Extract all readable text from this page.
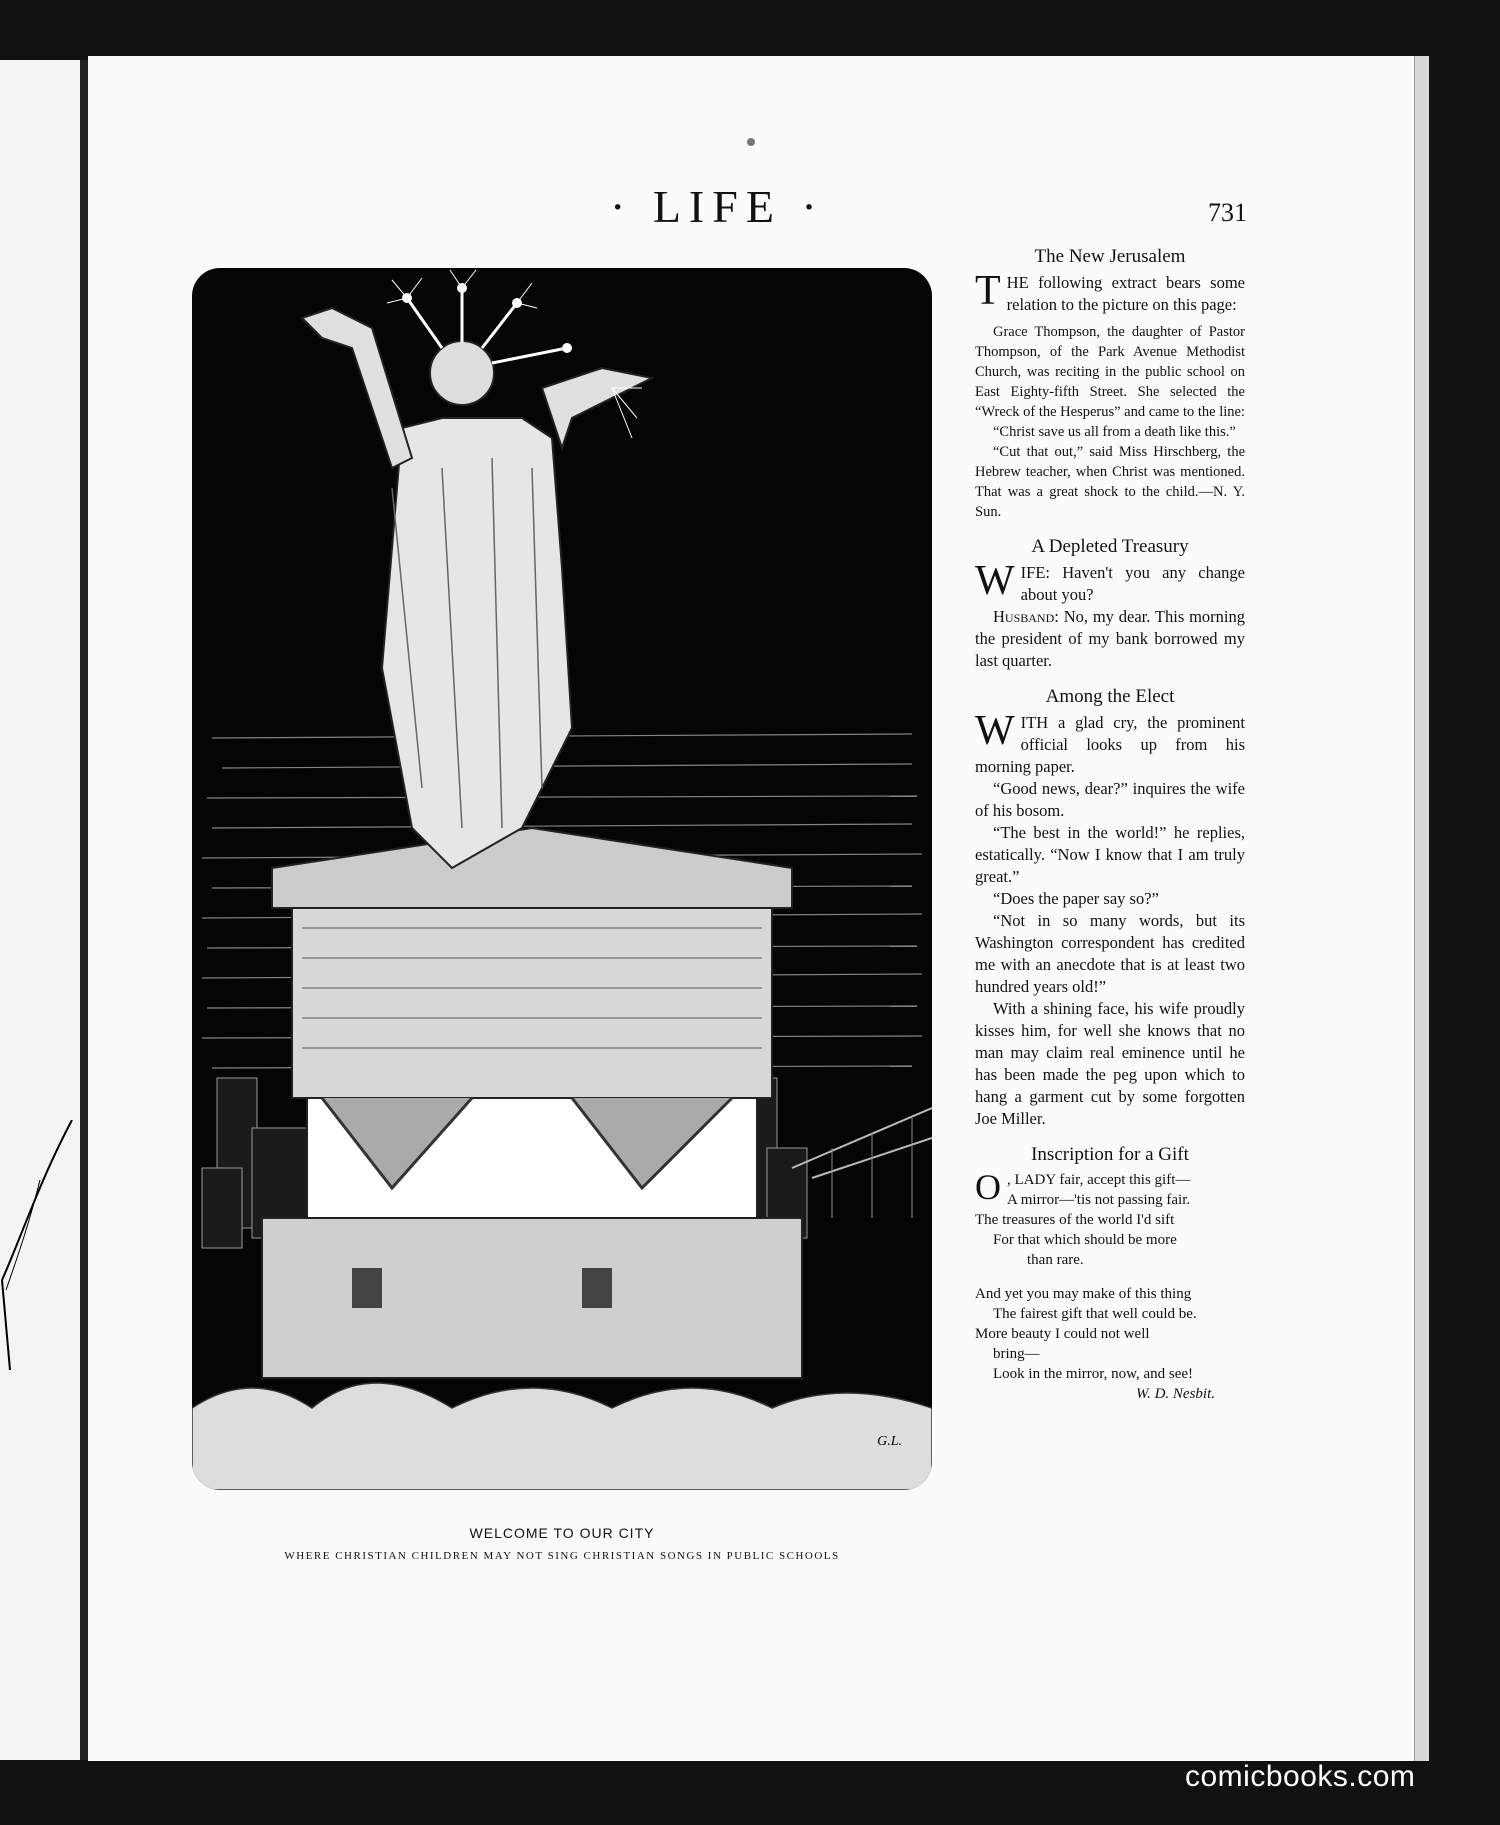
· LIFE ·	731
G.L.
WELCOME TO OUR CITY
WHERE CHRISTIAN CHILDREN MAY NOT SING CHRISTIAN SONGS IN PUBLIC SCHOOLS
The New Jerusalem

THE following extract bears some relation to the picture on this page:

Grace Thompson, the daughter of Pastor Thompson, of the Park Avenue Methodist Church, was reciting in the public school on East Eighty-fifth Street. She selected the “Wreck of the Hesperus” and came to the line:

“Christ save us all from a death like this.”

“Cut that out,” said Miss Hirschberg, the Hebrew teacher, when Christ was mentioned. That was a great shock to the child.—N. Y. Sun.

A Depleted Treasury

WIFE: Haven't you any change about you?

Husband: No, my dear. This morning the president of my bank borrowed my last quarter.

Among the Elect

WITH a glad cry, the prominent official looks up from his morning paper.

“Good news, dear?” inquires the wife of his bosom.

“The best in the world!” he replies, estatically. “Now I know that I am truly great.”

“Does the paper say so?”

“Not in so many words, but its Washington correspondent has credited me with an anecdote that is at least two hundred years old!”

With a shining face, his wife proudly kisses him, for well she knows that no man may claim real eminence until he has been made the peg upon which to hang a garment cut by some forgotten Joe Miller.

Inscription for a Gift
O , LADY fair, accept this gift—
A mirror—'tis not passing fair.
The treasures of the world I'd sift
For that which should be more
than rare.
And yet you may make of this thing
The fairest gift that well could be.
More beauty I could not well
bring—
Look in the mirror, now, and see!
W. D. Nesbit.
comicbooks.com
